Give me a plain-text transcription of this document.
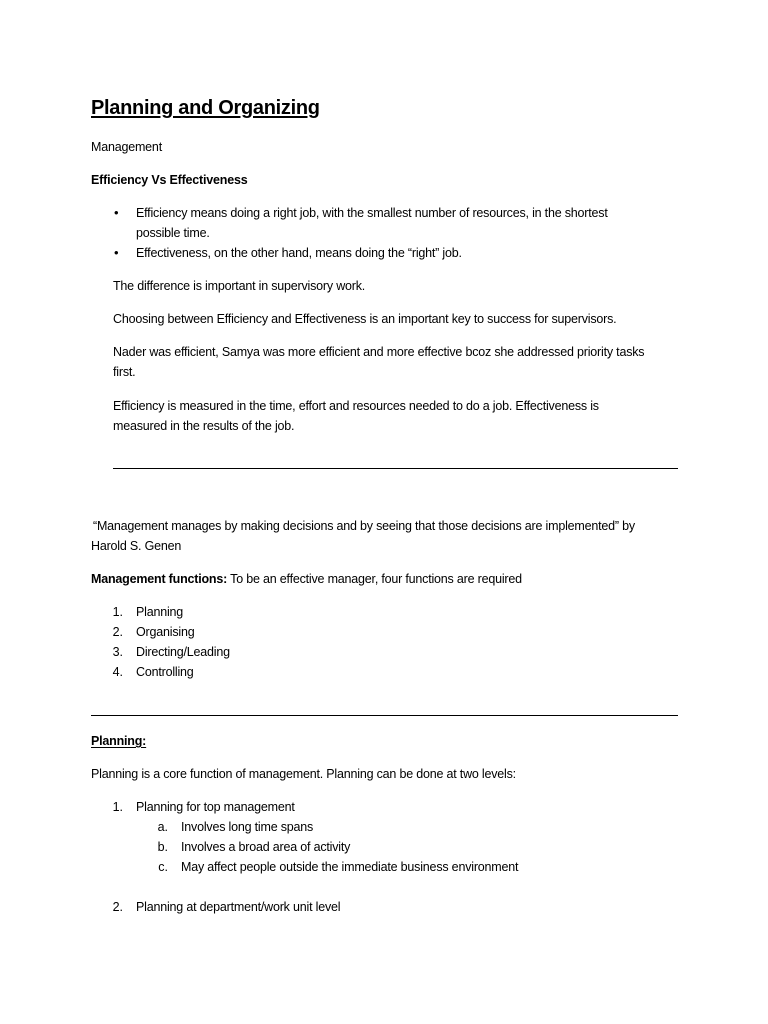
Planning and Organizing

Management

Efficiency Vs Effectiveness

• Efficiency means doing a right job, with the smallest number of resources, in the shortest

possible time.

• Effectiveness, on the other hand, means doing the “right” job.

The difference is important in supervisory work.

Choosing between Efficiency and Effectiveness is an important key to success for supervisors.

Nader was efficient, Samya was more efficient and more effective bcoz she addressed priority tasks

first.

Efficiency is measured in the time, effort and resources needed to do a job. Effectiveness is

measured in the results of the job.

“Management manages by making decisions and by seeing that those decisions are implemented” by

Harold S. Genen

Management functions: To be an effective manager, four functions are required

1. Planning

2. Organising

3. Directing/Leading

4. Controlling

Planning:

Planning is a core function of management. Planning can be done at two levels:

1. Planning for top management

a. Involves long time spans

b. Involves a broad area of activity

c. May affect people outside the immediate business environment

2. Planning at department/work unit level
